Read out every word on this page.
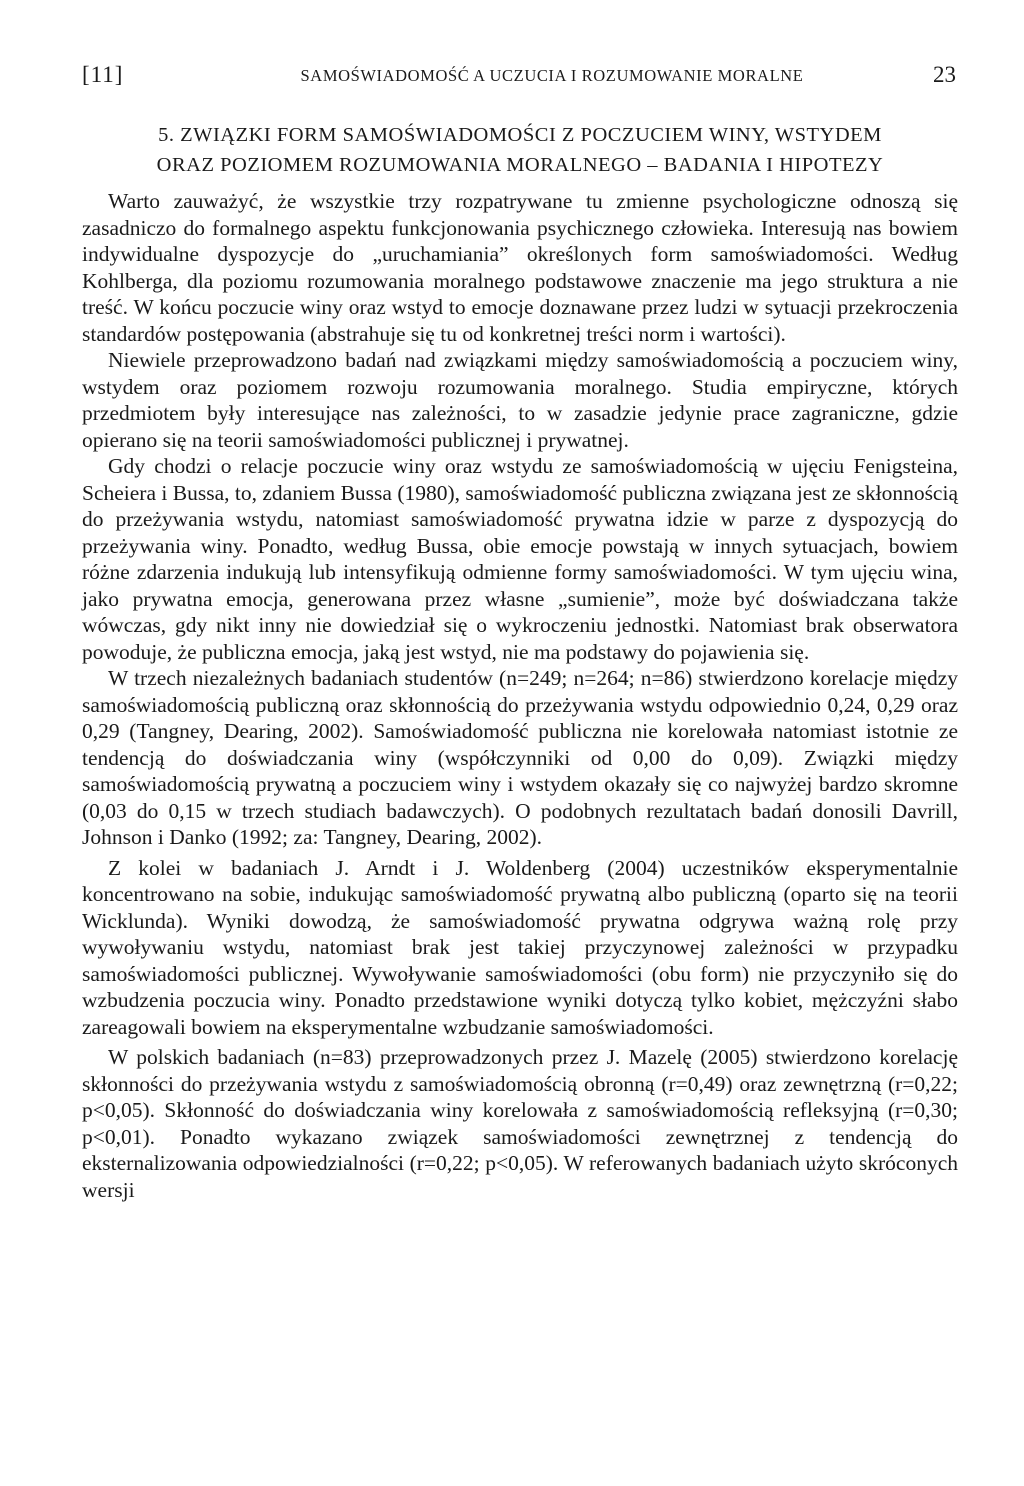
[11]	SAMOŚWIADOMOŚĆ A UCZUCIA I ROZUMOWANIE MORALNE	23
5. ZWIĄZKI FORM SAMOŚWIADOMOŚCI Z POCZUCIEM WINY, WSTYDEM
ORAZ POZIOMEM ROZUMOWANIA MORALNEGO – BADANIA I HIPOTEZY

Warto zauważyć, że wszystkie trzy rozpatrywane tu zmienne psychologiczne odnoszą się zasadniczo do formalnego aspektu funkcjonowania psychicznego człowieka. Interesują nas bowiem indywidualne dyspozycje do „uruchamiania” określonych form samoświadomości. Według Kohlberga, dla poziomu rozumowania moralnego podstawowe znaczenie ma jego struktura a nie treść. W końcu poczucie winy oraz wstyd to emocje doznawane przez ludzi w sytuacji przekroczenia standardów postępowania (abstrahuje się tu od konkretnej treści norm i wartości).

Niewiele przeprowadzono badań nad związkami między samoświadomością a poczuciem winy, wstydem oraz poziomem rozwoju rozumowania moralnego. Studia empiryczne, których przedmiotem były interesujące nas zależności, to w zasadzie jedynie prace zagraniczne, gdzie opierano się na teorii samoświadomości publicznej i prywatnej.

Gdy chodzi o relacje poczucie winy oraz wstydu ze samoświadomością w ujęciu Fenigsteina, Scheiera i Bussa, to, zdaniem Bussa (1980), samoświadomość publiczna związana jest ze skłonnością do przeżywania wstydu, natomiast samoświadomość prywatna idzie w parze z dyspozycją do przeżywania winy. Ponadto, według Bussa, obie emocje powstają w innych sytuacjach, bowiem różne zdarzenia indukują lub intensyfikują odmienne formy samoświadomości. W tym ujęciu wina, jako prywatna emocja, generowana przez własne „sumienie”, może być doświadczana także wówczas, gdy nikt inny nie dowiedział się o wykroczeniu jednostki. Natomiast brak obserwatora powoduje, że publiczna emocja, jaką jest wstyd, nie ma podstawy do pojawienia się.

W trzech niezależnych badaniach studentów (n=249; n=264; n=86) stwierdzono korelacje między samoświadomością publiczną oraz skłonnością do przeżywania wstydu odpowiednio 0,24, 0,29 oraz 0,29 (Tangney, Dearing, 2002). Samoświadomość publiczna nie korelowała natomiast istotnie ze tendencją do doświadczania winy (współczynniki od 0,00 do 0,09). Związki między samoświadomością prywatną a poczuciem winy i wstydem okazały się co najwyżej bardzo skromne (0,03 do 0,15 w trzech studiach badawczych). O podobnych rezultatach badań donosili Davrill, Johnson i Danko (1992; za: Tangney, Dearing, 2002).

Z kolei w badaniach J. Arndt i J. Woldenberg (2004) uczestników eksperymentalnie koncentrowano na sobie, indukując samoświadomość prywatną albo publiczną (oparto się na teorii Wicklunda). Wyniki dowodzą, że samoświadomość prywatna odgrywa ważną rolę przy wywoływaniu wstydu, natomiast brak jest takiej przyczynowej zależności w przypadku samoświadomości publicznej. Wywoływanie samoświadomości (obu form) nie przyczyniło się do wzbudzenia poczucia winy. Ponadto przedstawione wyniki dotyczą tylko kobiet, mężczyźni słabo zareagowali bowiem na eksperymentalne wzbudzanie samoświadomości.

W polskich badaniach (n=83) przeprowadzonych przez J. Mazelę (2005) stwierdzono korelację skłonności do przeżywania wstydu z samoświadomością obronną (r=0,49) oraz zewnętrzną (r=0,22; p<0,05). Skłonność do doświadczania winy korelowała z samoświadomością refleksyjną (r=0,30; p<0,01). Ponadto wykazano związek samoświadomości zewnętrznej z tendencją do eksternalizowania odpowiedzialności (r=0,22; p<0,05). W referowanych badaniach użyto skróconych wersji
